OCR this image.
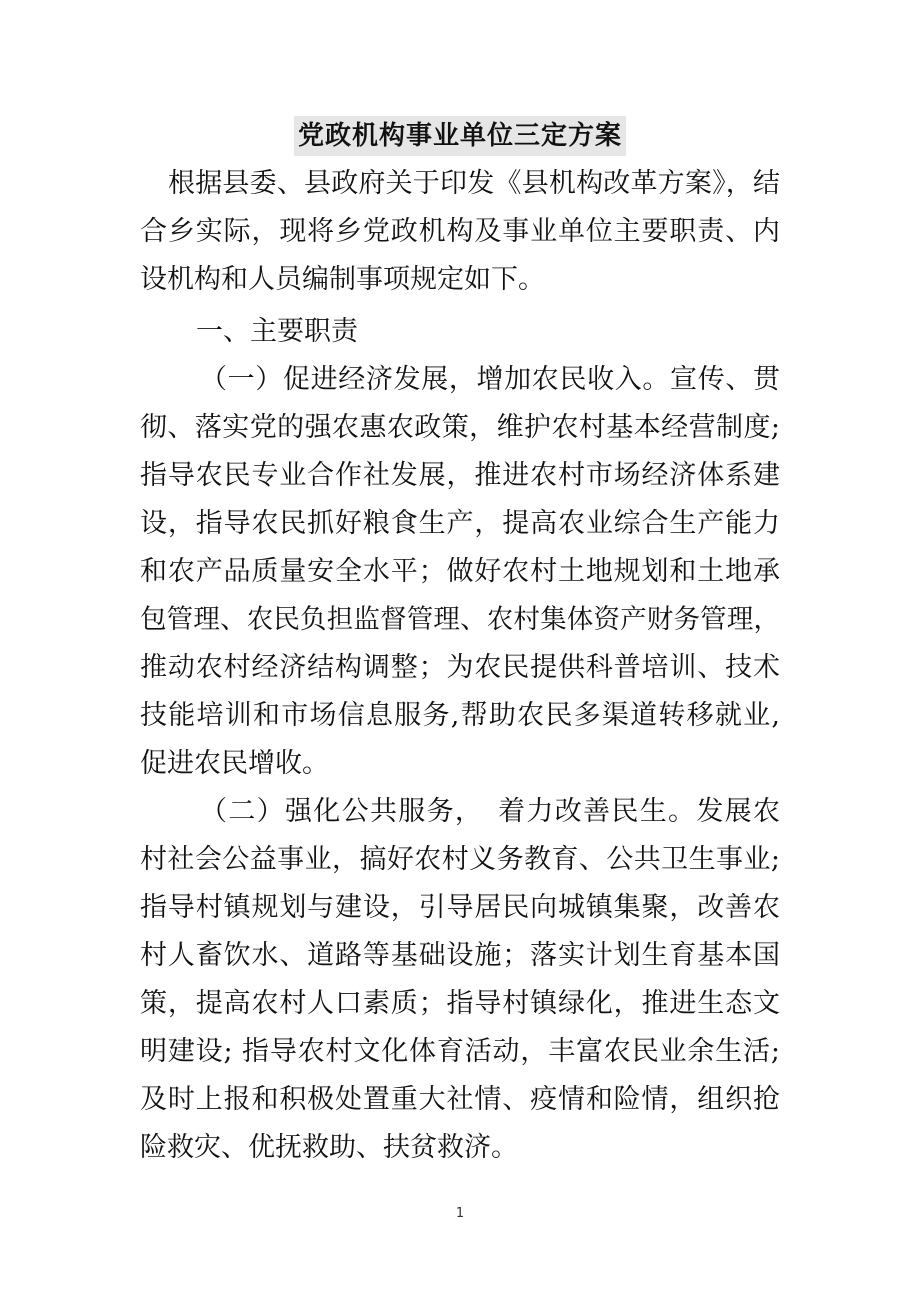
党政机构事业单位三定方案
根据县委、县政府关于印发《县机构改革方案》，结
合乡实际，现将乡党政机构及事业单位主要职责、内
设机构和人员编制事项规定如下。
一、主要职责
（一）促进经济发展，增加农民收入。宣传、贯
彻、落实党的强农惠农政策，维护农村基本经营制度;
指导农民专业合作社发展，推进农村市场经济体系建
设，指导农民抓好粮食生产，提高农业综合生产能力
和农产品质量安全水平；做好农村土地规划和土地承
包管理、农民负担监督管理、农村集体资产财务管理，
推动农村经济结构调整；为农民提供科普培训、技术
技能培训和市场信息服务,帮助农民多渠道转移就业,
促进农民增收。
（二）强化公共服务，　着力改善民生。发展农
村社会公益事业，搞好农村义务教育、公共卫生事业;
指导村镇规划与建设，引导居民向城镇集聚，改善农
村人畜饮水、道路等基础设施；落实计划生育基本国
策，提高农村人口素质；指导村镇绿化，推进生态文
明建设; 指导农村文化体育活动，丰富农民业余生活;
及时上报和积极处置重大社情、疫情和险情，组织抢
险救灾、优抚救助、扶贫救济。
1
